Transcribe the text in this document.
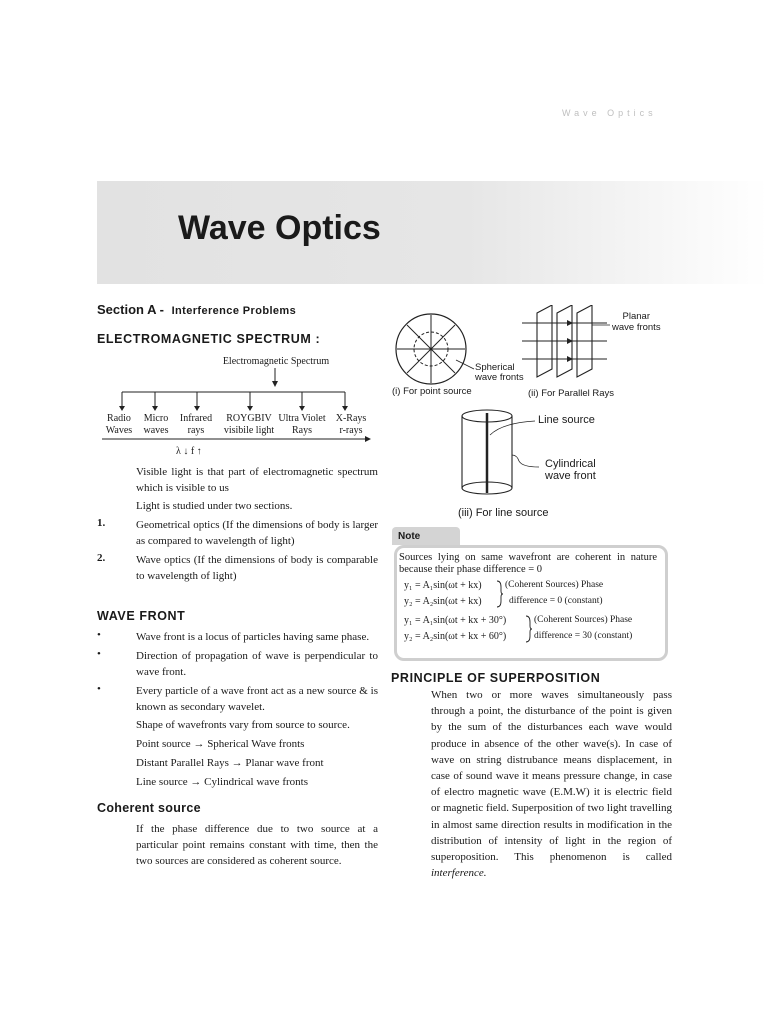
Wave Optics
Wave Optics
Section A - Interference Problems
ELECTROMAGNETIC SPECTRUM :
Electromagnetic Spectrum
Radio
Waves
Micro
waves
Infrared
rays
ROYGBIV
visibile light
Ultra Violet
Rays
X-Rays
r-rays
λ ↓ f ↑
Visible light is that part of electromagnetic spectrum which is visible to us
Light is studied under two sections.
1.	Geometrical optics (If the dimensions of body is larger as compared to wavelength of light)
2.	Wave optics (If the dimensions of body is comparable to wavelength of light)
WAVE FRONT
•	Wave front is a locus of particles having same phase.
•	Direction of propagation of wave is perpendicular to wave front.
•	Every particle of a wave front act as a new source & is known as secondary wavelet.
Shape of wavefronts vary from source to source.
Point source → Spherical Wave fronts
Distant Parallel Rays → Planar wave front
Line source → Cylindrical wave fronts
Coherent source
If the phase difference due to two source at a particular point remains constant with time, then the two sources are considered as coherent source.
Spherical
wave fronts
(i) For point source
Planar
wave fronts
(ii) For Parallel Rays
Line source
Cylindrical
wave front
(iii) For line source
Note
Sources lying on same wavefront are coherent in nature because their phase difference = 0
y₁ = A₁sin(ωt + kx)
y₂ = A₂sin(ωt + kx)
(Coherent Sources) Phase
difference = 0 (constant)
y₁ = A₁sin(ωt + kx + 30°)
y₂ = A₂sin(ωt + kx + 60°)
(Coherent Sources) Phase
difference = 30 (constant)
PRINCIPLE OF SUPERPOSITION
When two or more waves simultaneously pass through a point, the disturbance of the point is given by the sum of the disturbances each wave would produce in absence of the other wave(s). In case of wave on string distrubance means displacement, in case of sound wave it means pressure change, in case of electro magnetic wave (E.M.W) it is electric field or magnetic field. Superposition of two light travelling in almost same direction results in modification in the distribution of intensity of light in the region of superoposition. This phenomenon is called interference.
